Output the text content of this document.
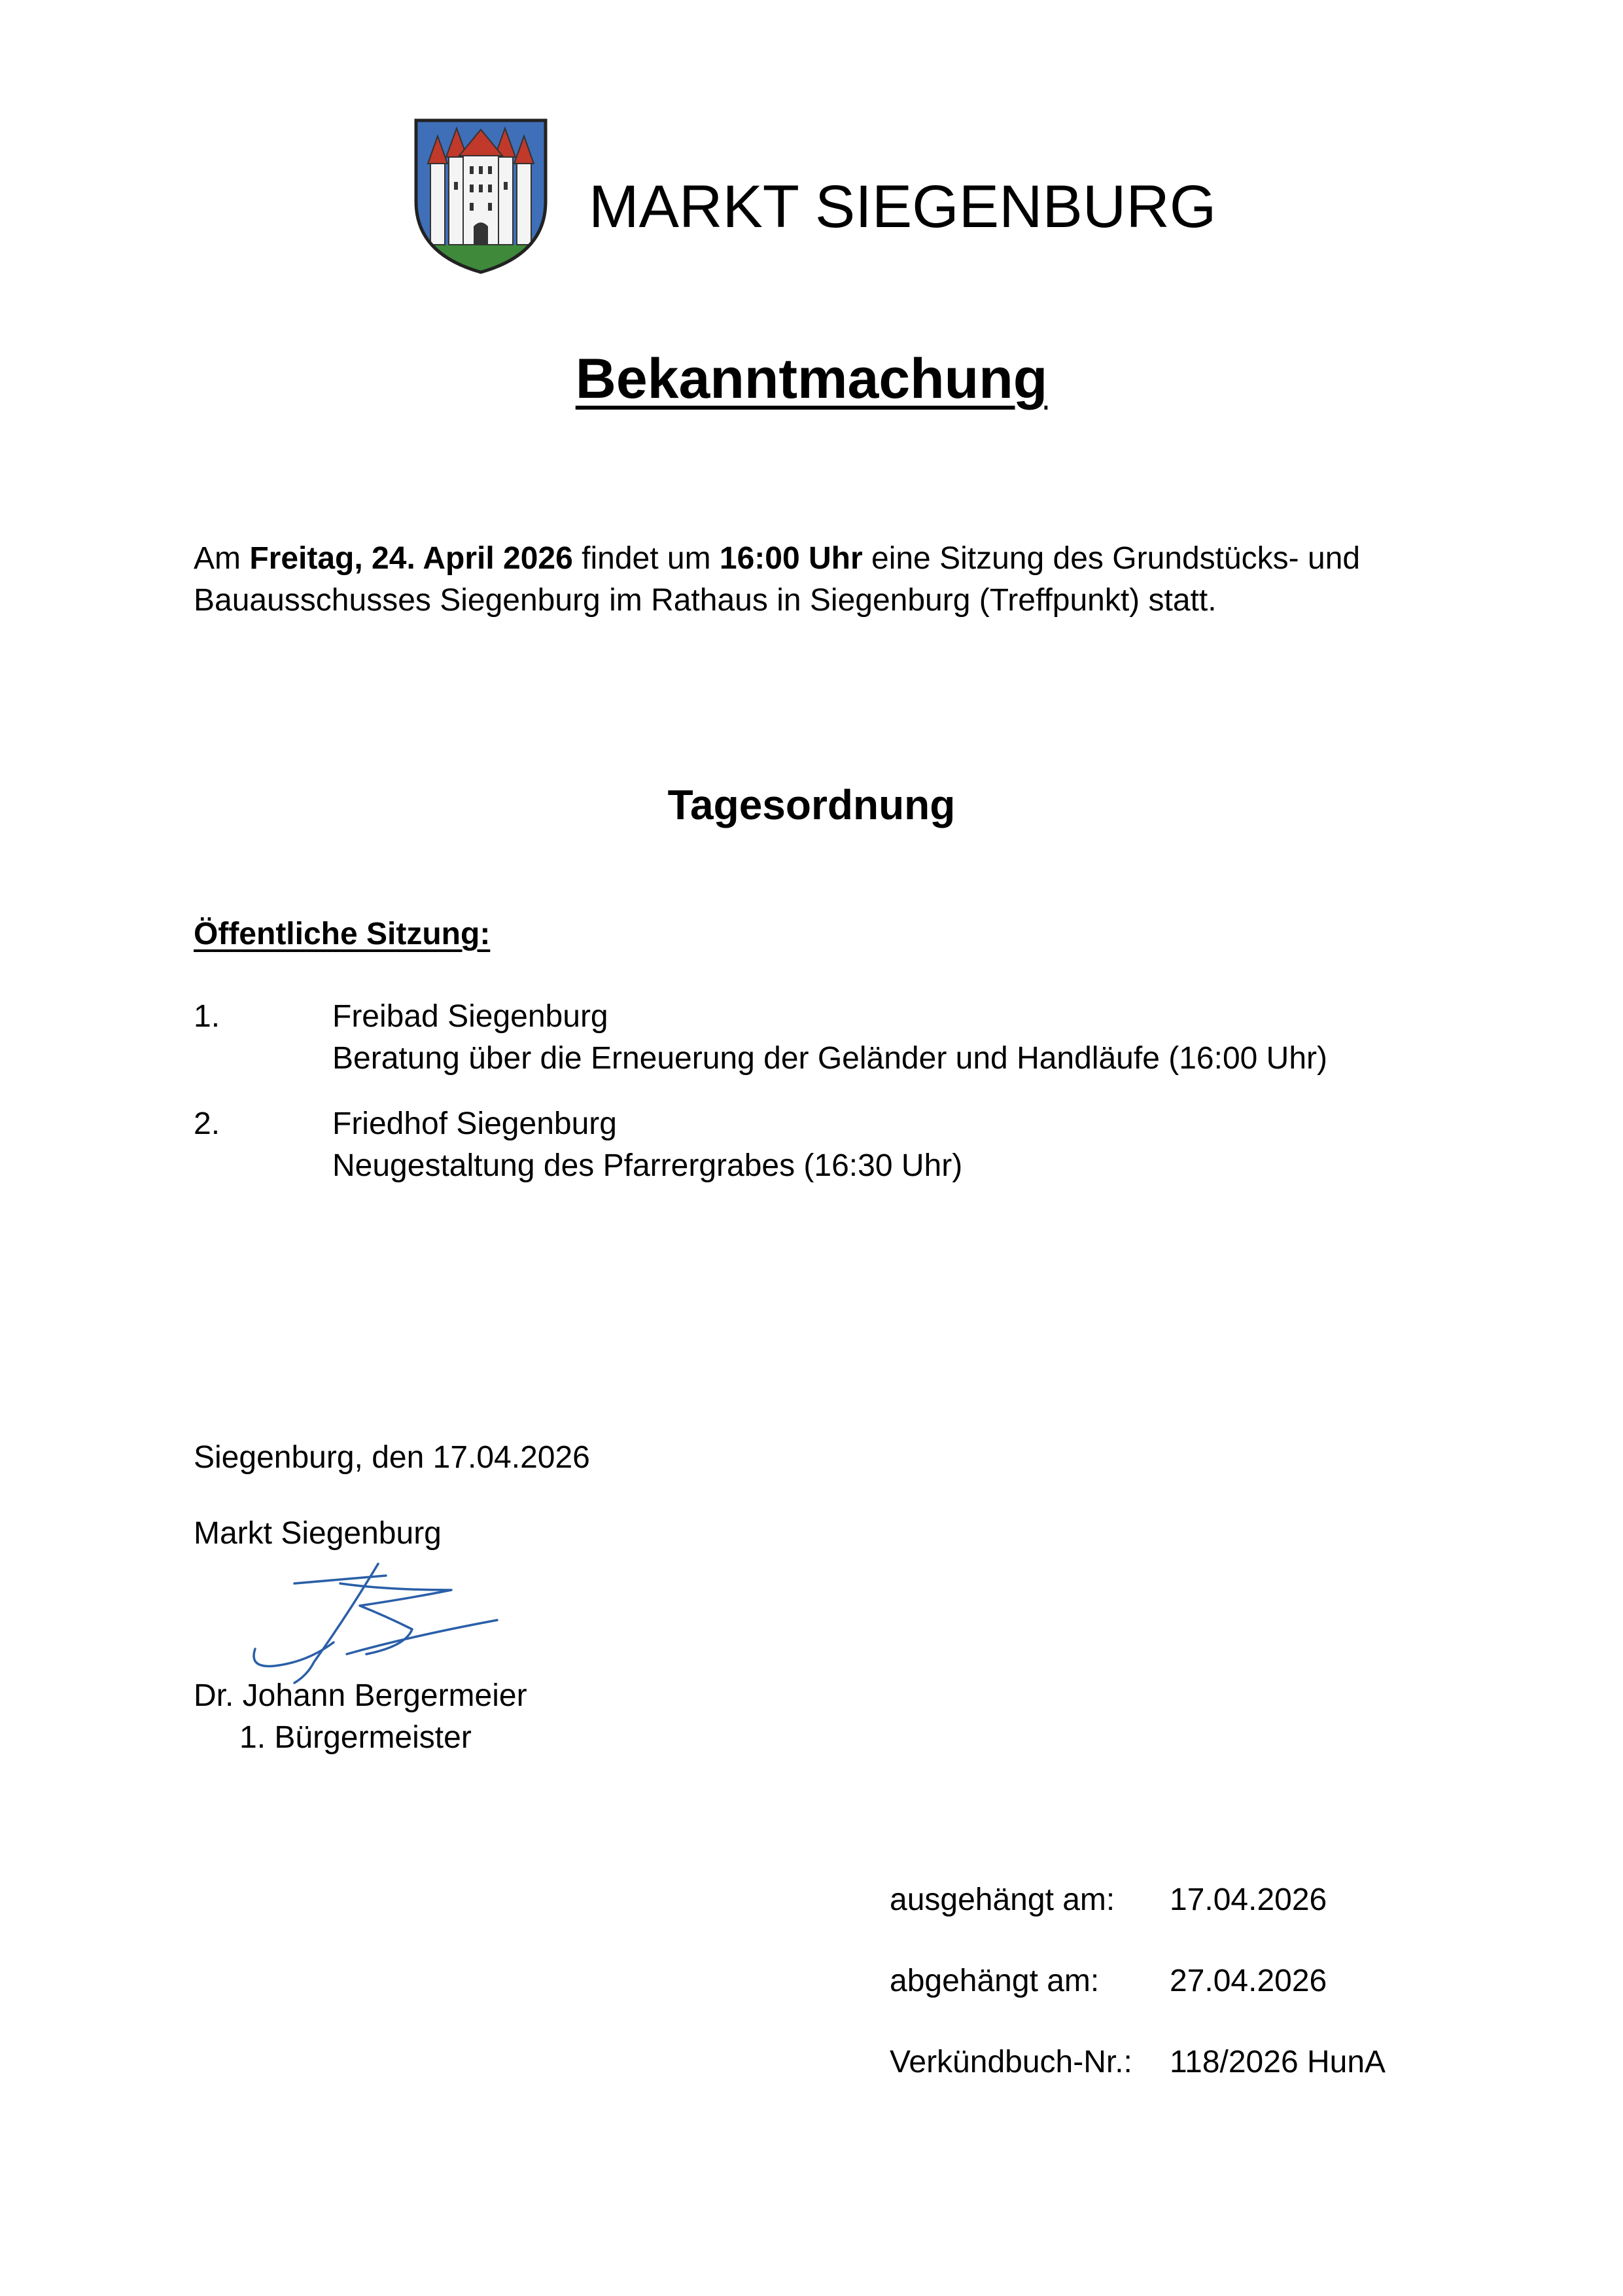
MARKT SIEGENBURG
Bekanntmachung
Am Freitag, 24. April 2026 findet um 16:00 Uhr eine Sitzung des Grundstücks- und
Bauausschusses Siegenburg im Rathaus in Siegenburg (Treffpunkt) statt.
Tagesordnung
Öffentliche Sitzung:
1.	Freibad Siegenburg
Beratung über die Erneuerung der Geländer und Handläufe (16:00 Uhr)
2.	Friedhof Siegenburg
Neugestaltung des Pfarrergrabes (16:30 Uhr)
Siegenburg, den 17.04.2026
Markt Siegenburg
Dr. Johann Bergermeier
1. Bürgermeister
ausgehängt am: 17.04.2026
abgehängt am: 27.04.2026
Verkündbuch-Nr.: 118/2026 HunA
